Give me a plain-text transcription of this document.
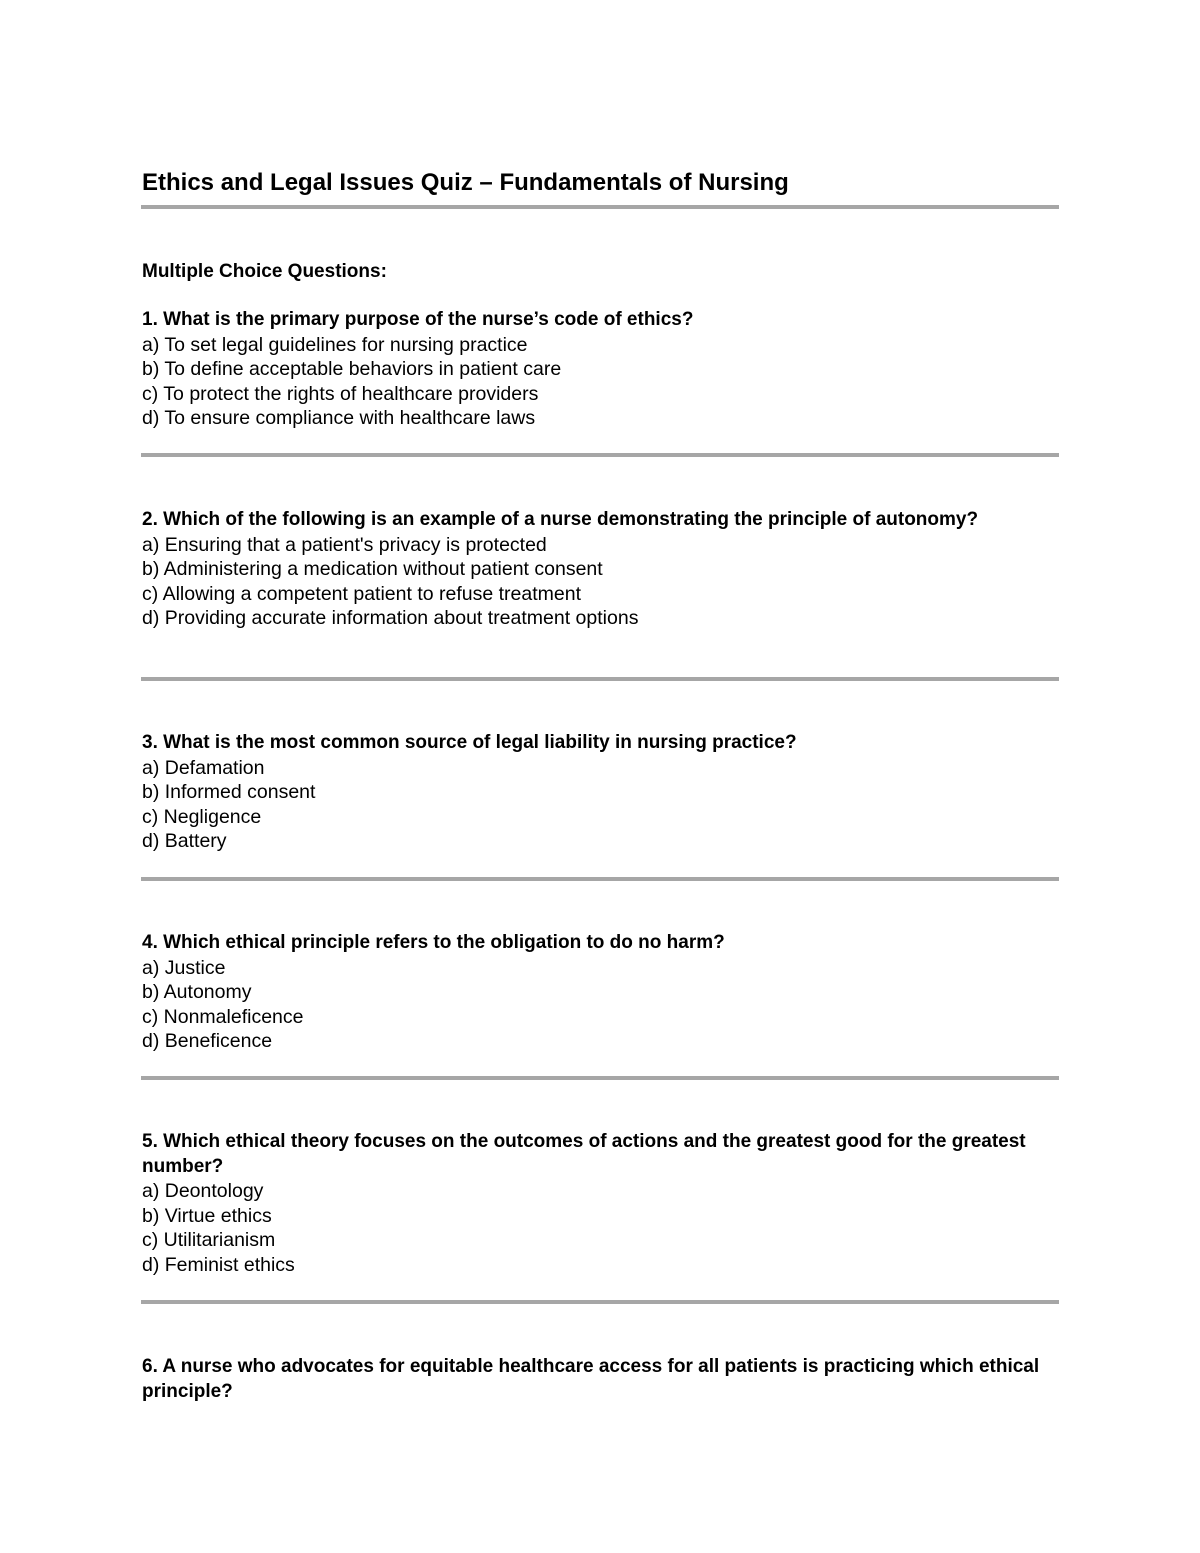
Ethics and Legal Issues Quiz – Fundamentals of Nursing

Multiple Choice Questions:

1. What is the primary purpose of the nurse’s code of ethics?

a) To set legal guidelines for nursing practice
b) To define acceptable behaviors in patient care
c) To protect the rights of healthcare providers
d) To ensure compliance with healthcare laws

2. Which of the following is an example of a nurse demonstrating the principle of autonomy?

a) Ensuring that a patient's privacy is protected
b) Administering a medication without patient consent
c) Allowing a competent patient to refuse treatment
d) Providing accurate information about treatment options

3. What is the most common source of legal liability in nursing practice?

a) Defamation
b) Informed consent
c) Negligence
d) Battery

4. Which ethical principle refers to the obligation to do no harm?

a) Justice
b) Autonomy
c) Nonmaleficence
d) Beneficence

5. Which ethical theory focuses on the outcomes of actions and the greatest good for the greatest number?

a) Deontology
b) Virtue ethics
c) Utilitarianism
d) Feminist ethics

6. A nurse who advocates for equitable healthcare access for all patients is practicing which ethical principle?
